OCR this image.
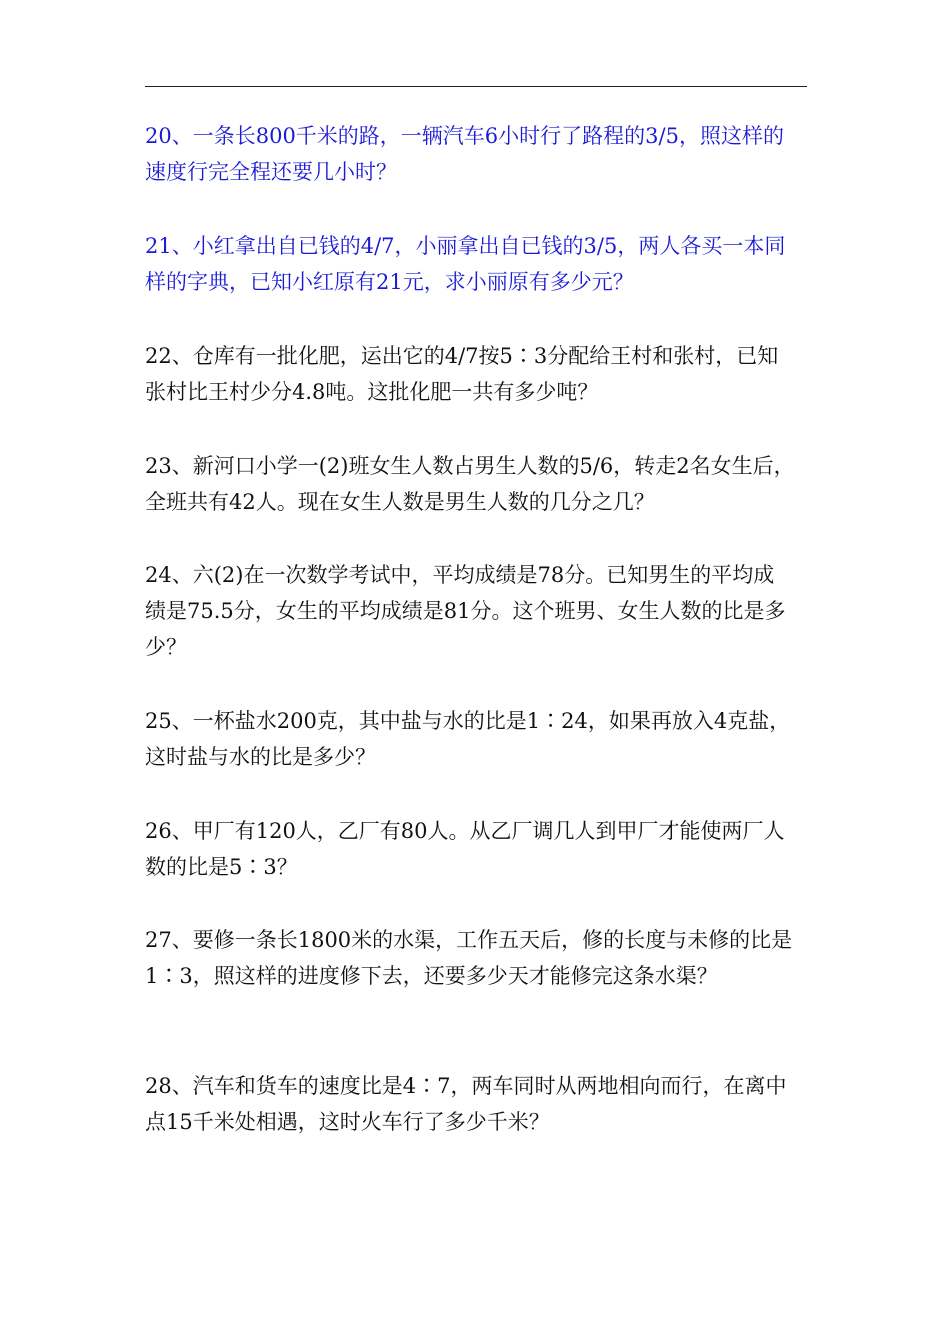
20、一条长800千米的路，一辆汽车6小时行了路程的3/5，照这样的
速度行完全程还要几小时？
21、小红拿出自已钱的4/7，小丽拿出自已钱的3/5，两人各买一本同
样的字典，已知小红原有21元，求小丽原有多少元？
22、仓库有一批化肥，运出它的4/7按5∶3分配给王村和张村，已知
张村比王村少分4.8吨。这批化肥一共有多少吨？
23、新河口小学一(2)班女生人数占男生人数的5/6，转走2名女生后，
全班共有42人。现在女生人数是男生人数的几分之几？
24、六(2)在一次数学考试中，平均成绩是78分。已知男生的平均成
绩是75.5分，女生的平均成绩是81分。这个班男、女生人数的比是多
少？
25、一杯盐水200克，其中盐与水的比是1∶24，如果再放入4克盐，
这时盐与水的比是多少？
26、甲厂有120人，乙厂有80人。从乙厂调几人到甲厂才能使两厂人
数的比是5∶3？
27、要修一条长1800米的水渠，工作五天后，修的长度与未修的比是
1∶3，照这样的进度修下去，还要多少天才能修完这条水渠？
28、汽车和货车的速度比是4∶7，两车同时从两地相向而行，在离中
点15千米处相遇，这时火车行了多少千米？
